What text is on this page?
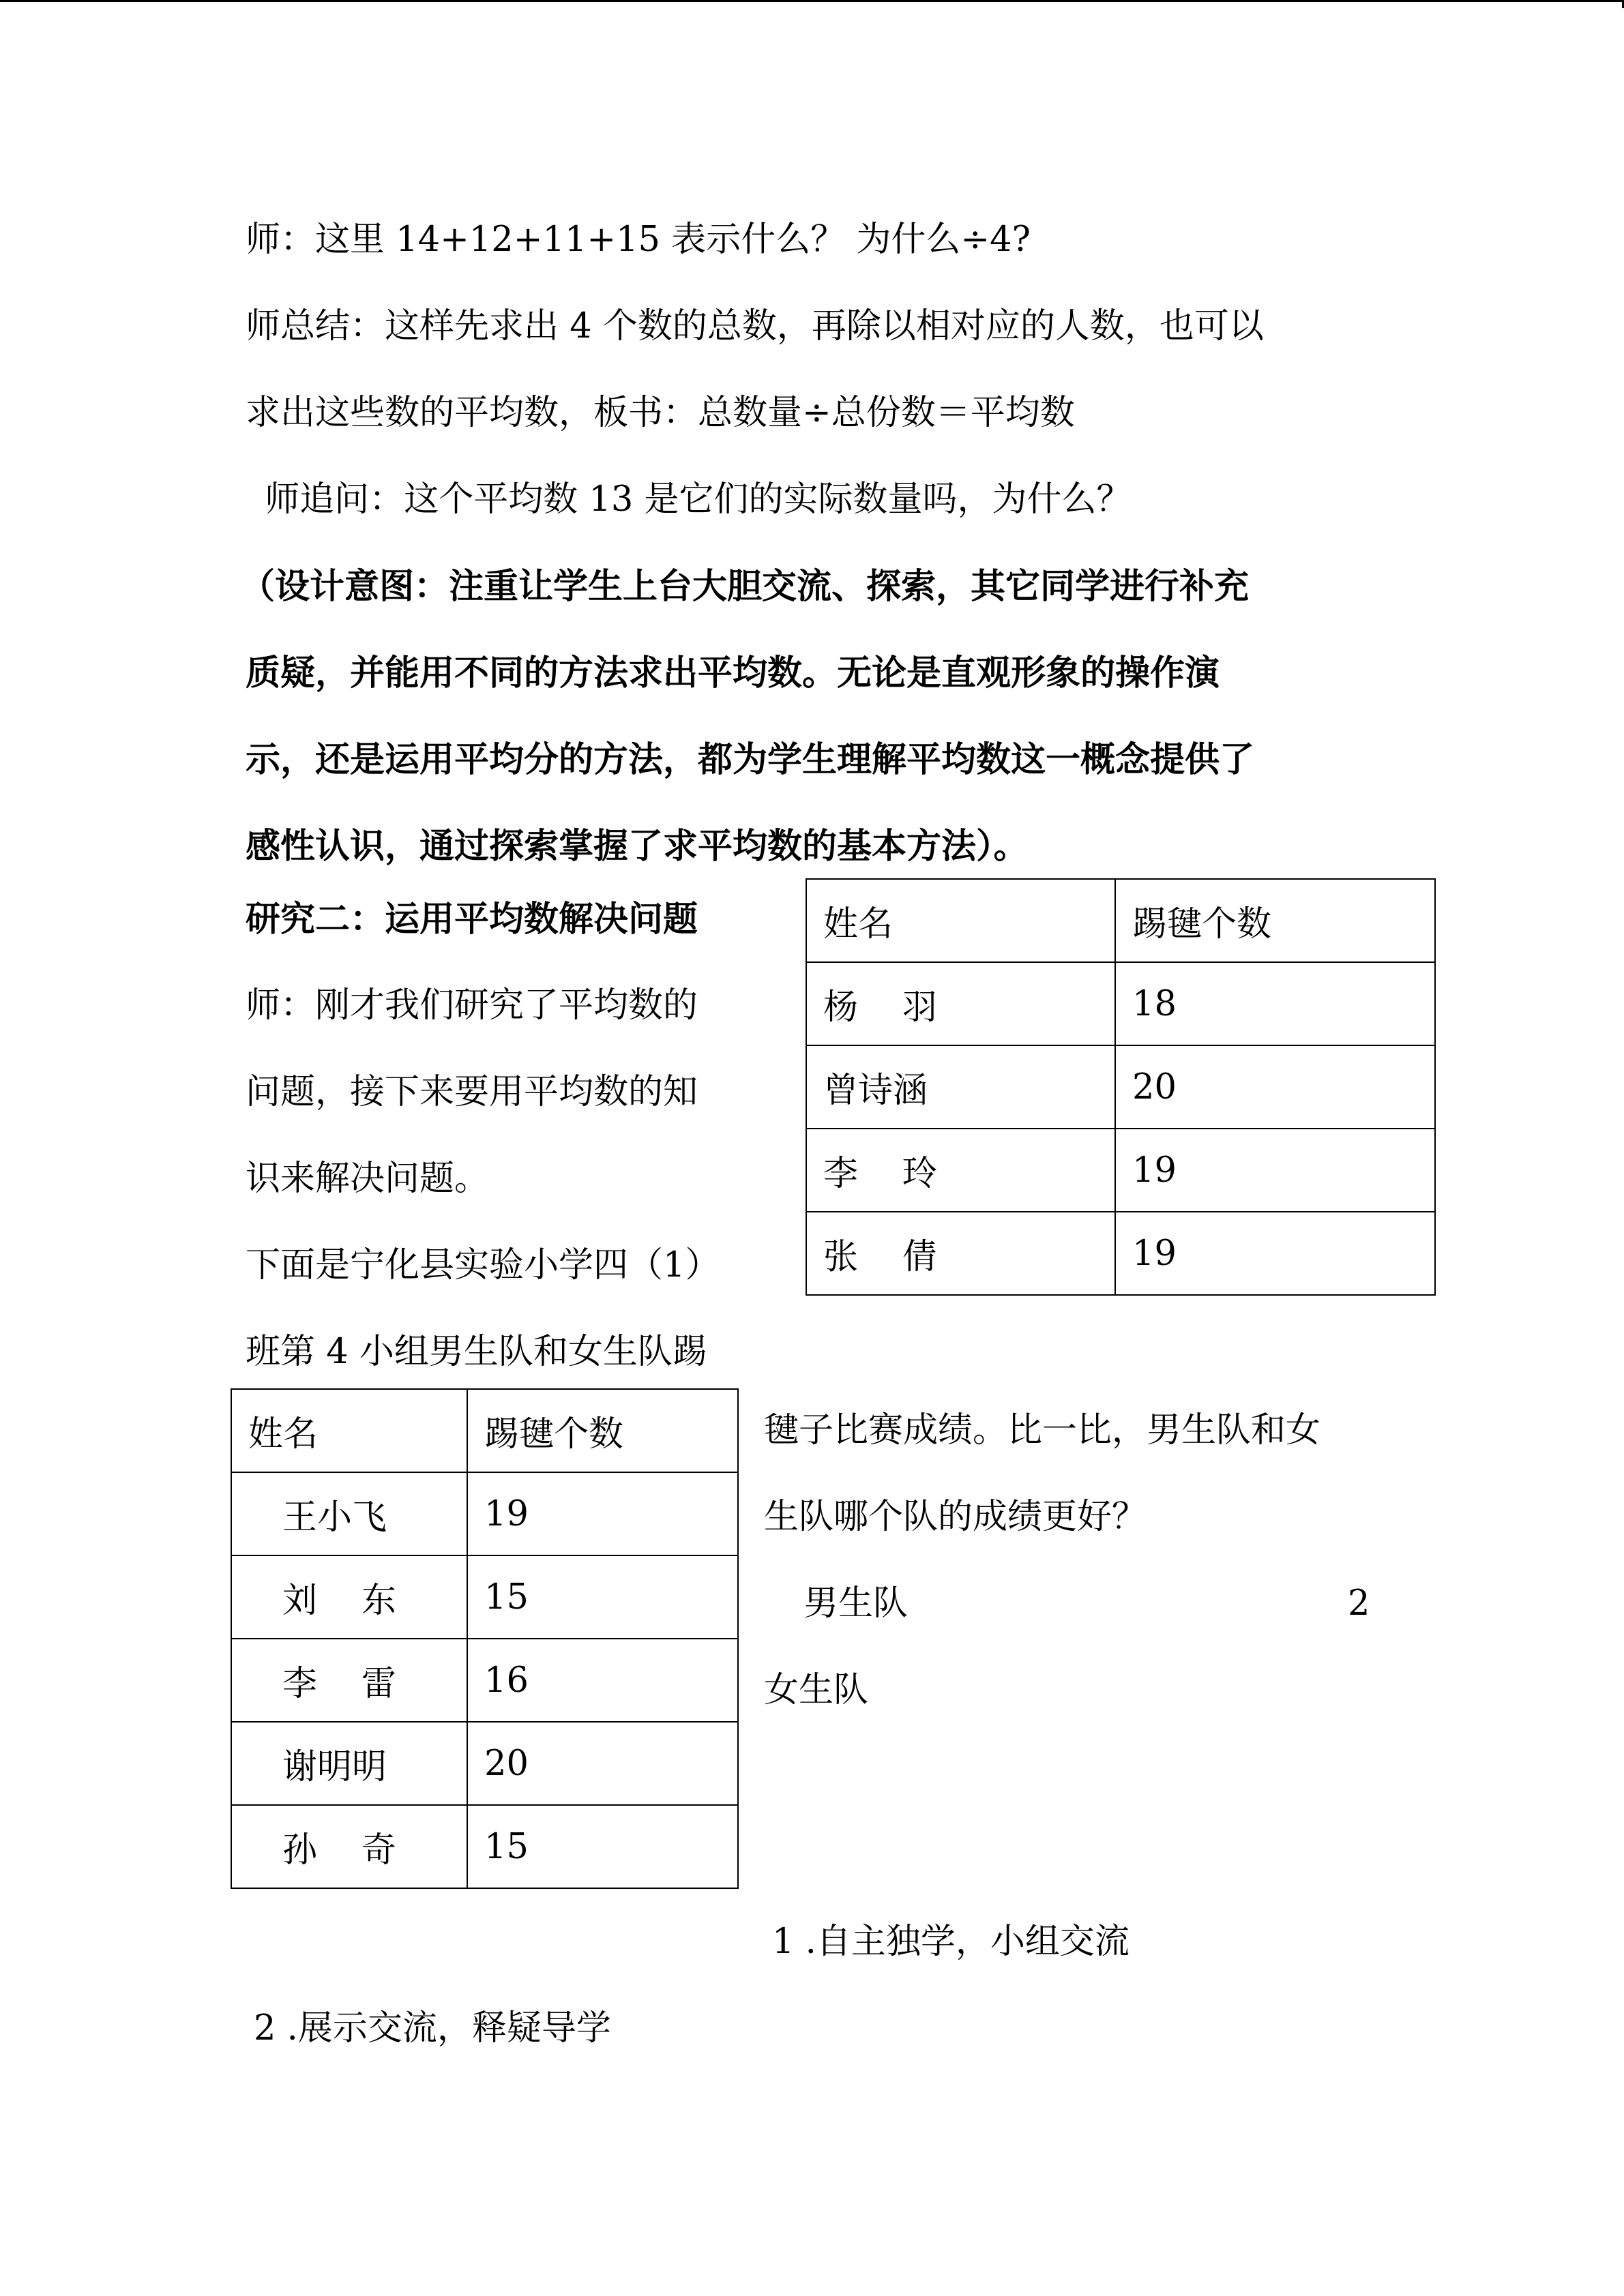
师：这里 14+12+11+15 表示什么？ 为什么÷4?
师总结：这样先求出 4 个数的总数，再除以相对应的人数，也可以
求出这些数的平均数，板书：总数量÷总份数＝平均数
师追问：这个平均数 13 是它们的实际数量吗，为什么？
（设计意图：注重让学生上台大胆交流、探索，其它同学进行补充
质疑，并能用不同的方法求出平均数。无论是直观形象的操作演
示，还是运用平均分的方法，都为学生理解平均数这一概念提供了
感性认识，通过探索掌握了求平均数的基本方法）。
研究二：运用平均数解决问题
师：刚才我们研究了平均数的
问题，接下来要用平均数的知
识来解决问题。
下面是宁化县实验小学四（1）
班第 4 小组男生队和女生队踢
姓名	踢毽个数
杨    羽	18
曾诗涵	20
李    玲	19
张    倩	19
姓名	踢毽个数
王小飞	19
刘    东	15
李    雷	16
谢明明	20
孙    奇	15
毽子比赛成绩。比一比，男生队和女
生队哪个队的成绩更好？
男生队	2
女生队
1 .自主独学，小组交流
2 .展示交流，释疑导学
